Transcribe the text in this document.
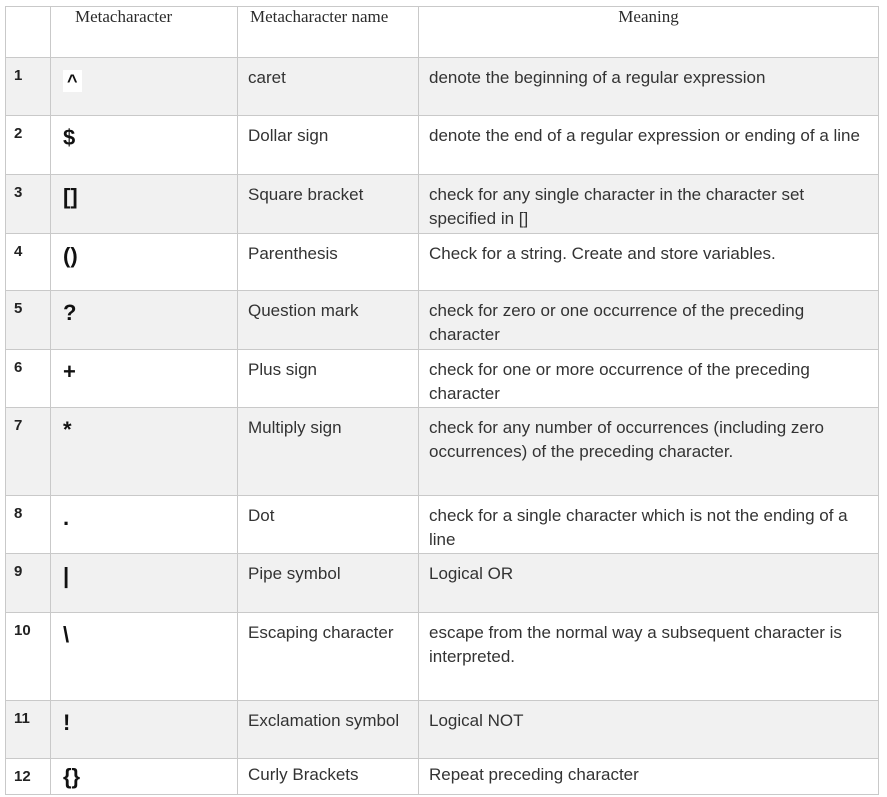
	Metacharacter	Metacharacter name	Meaning
1	^	caret	denote the beginning of a regular expression
2	$	Dollar sign	denote the end of a regular expression or ending of a line
3	[]	Square bracket	check for any single character in the character set specified in []
4	()	Parenthesis	Check for a string. Create and store variables.
5	?	Question mark	check for zero or one occurrence of the preceding character
6	+	Plus sign	check for one or more occurrence of the preceding character
7	*	Multiply sign	check for any number of occurrences (including zero occurrences) of the preceding character.
8	.	Dot	check for a single character which is not the ending of a line
9	|	Pipe symbol	Logical OR
10	\	Escaping character	escape from the normal way a subsequent character is interpreted.
11	!	Exclamation symbol	Logical NOT
12	{}	Curly Brackets	Repeat preceding character
